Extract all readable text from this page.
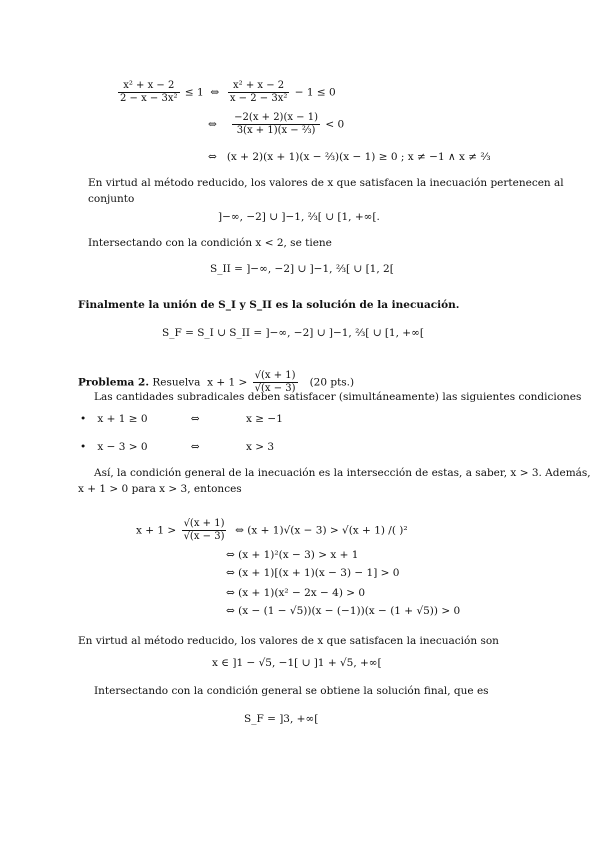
$\frac{\text{x² + x − 2}}{\text{2 − x − 3x²}} \le 1$ ⇔ $\frac{\text{x² + x − 2}}{\text{x − 2 − 3x²}} - 1 \le 0$
⇔ $\frac{-2(x + 2)(x - 1)}{\text{3(x + 1)(x − ⅔)}} < 0$
⇔ (x + 2)(x + 1)(x − ⅔)(x − 1) ≥ 0 ; x ≠ −1 ∧ x ≠ ⅔
En virtud al método reducido, los valores de x que satisfacen la inecuación pertenecen al
conjunto
]−∞, −2] ∪ ]−1, ⅔[ ∪ [1, +∞[.
Intersectando con la condición x < 2, se tiene
S_II = ]−∞, −2] ∪ ]−1, ⅔[ ∪ [1, 2[
Finalmente la unión de S_I y S_II es la solución de la inecuación.
S_F = S_I ∪ S_II = ]−∞, −2] ∪ ]−1, ⅔[ ∪ [1, +∞[
Problema 2. Resuelva $x + 1 > \frac{√(x + 1)}{√(x - 3)} (20$ pts.)
Las cantidades subradicales deben satisfacer (simultáneamente) las siguientes condiciones
• x + 1 ≥ 0	⇔	x ≥ −1
• x − 3 > 0	⇔	x > 3
Así, la condición general de la inecuación es la intersección de estas, a saber, x > 3. Además,
x + 1 > 0 para x > 3, entonces
$x + 1 > \frac{√(x + 1)}{√(x - 3)}$ ⇔ (x + 1)√(x − 3) > √(x + 1) /( )²
⇔ (x + 1)²(x − 3) > x + 1
⇔ (x + 1)[(x + 1)(x − 3) − 1] > 0
⇔ (x + 1)(x² − 2x − 4) > 0
⇔ (x − (1 − √5))(x − (−1))(x − (1 + √5)) > 0
En virtud al método reducido, los valores de x que satisfacen la inecuación son
x ∈ ]1 − √5, −1[ ∪ ]1 + √5, +∞[
Intersectando con la condición general se obtiene la solución final, que es
S_F = ]3, +∞[
